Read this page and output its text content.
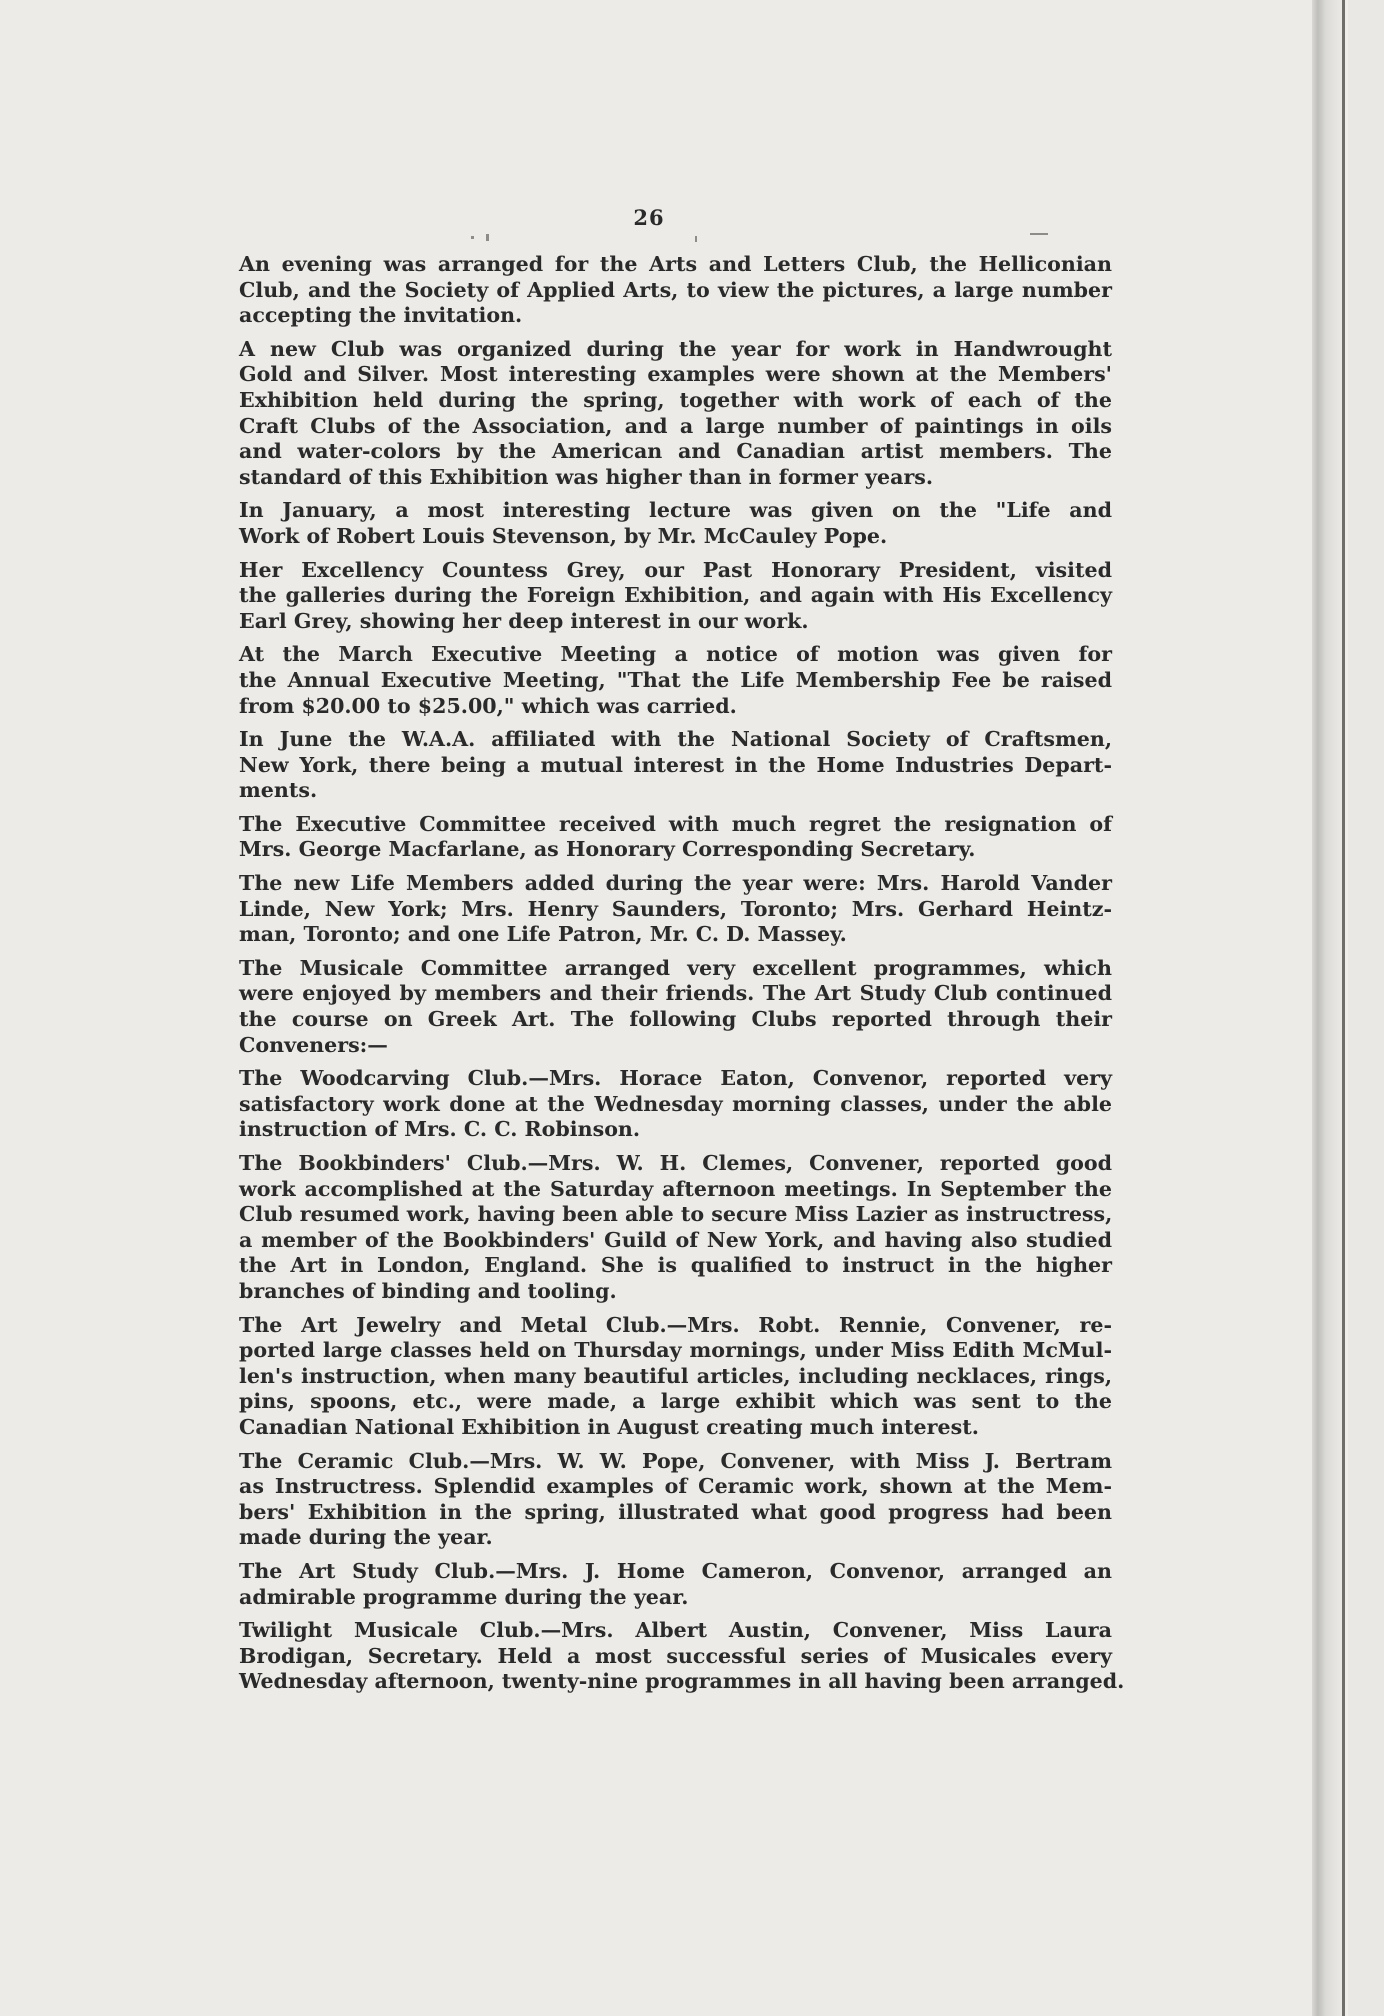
26

An evening was arranged for the Arts and Letters Club, the Helliconian
Club, and the Society of Applied Arts, to view the pictures, a large number
accepting the invitation.

A new Club was organized during the year for work in Handwrought
Gold and Silver. Most interesting examples were shown at the Members'
Exhibition held during the spring, together with work of each of the
Craft Clubs of the Association, and a large number of paintings in oils
and water-colors by the American and Canadian artist members. The
standard of this Exhibition was higher than in former years.

In January, a most interesting lecture was given on the "Life and
Work of Robert Louis Stevenson, by Mr. McCauley Pope.

Her Excellency Countess Grey, our Past Honorary President, visited
the galleries during the Foreign Exhibition, and again with His Excellency
Earl Grey, showing her deep interest in our work.

At the March Executive Meeting a notice of motion was given for
the Annual Executive Meeting, "That the Life Membership Fee be raised
from $20.00 to $25.00," which was carried.

In June the W.A.A. affiliated with the National Society of Craftsmen,
New York, there being a mutual interest in the Home Industries Depart-
ments.

The Executive Committee received with much regret the resignation of
Mrs. George Macfarlane, as Honorary Corresponding Secretary.

The new Life Members added during the year were: Mrs. Harold Vander
Linde, New York; Mrs. Henry Saunders, Toronto; Mrs. Gerhard Heintz-
man, Toronto; and one Life Patron, Mr. C. D. Massey.

The Musicale Committee arranged very excellent programmes, which
were enjoyed by members and their friends. The Art Study Club continued
the course on Greek Art. The following Clubs reported through their
Conveners:—

The Woodcarving Club.—Mrs. Horace Eaton, Convenor, reported very
satisfactory work done at the Wednesday morning classes, under the able
instruction of Mrs. C. C. Robinson.

The Bookbinders' Club.—Mrs. W. H. Clemes, Convener, reported good
work accomplished at the Saturday afternoon meetings. In September the
Club resumed work, having been able to secure Miss Lazier as instructress,
a member of the Bookbinders' Guild of New York, and having also studied
the Art in London, England. She is qualified to instruct in the higher
branches of binding and tooling.

The Art Jewelry and Metal Club.—Mrs. Robt. Rennie, Convener, re-
ported large classes held on Thursday mornings, under Miss Edith McMul-
len's instruction, when many beautiful articles, including necklaces, rings,
pins, spoons, etc., were made, a large exhibit which was sent to the
Canadian National Exhibition in August creating much interest.

The Ceramic Club.—Mrs. W. W. Pope, Convener, with Miss J. Bertram
as Instructress. Splendid examples of Ceramic work, shown at the Mem-
bers' Exhibition in the spring, illustrated what good progress had been
made during the year.

The Art Study Club.—Mrs. J. Home Cameron, Convenor, arranged an
admirable programme during the year.

Twilight Musicale Club.—Mrs. Albert Austin, Convener, Miss Laura
Brodigan, Secretary. Held a most successful series of Musicales every
Wednesday afternoon, twenty-nine programmes in all having been arranged.
